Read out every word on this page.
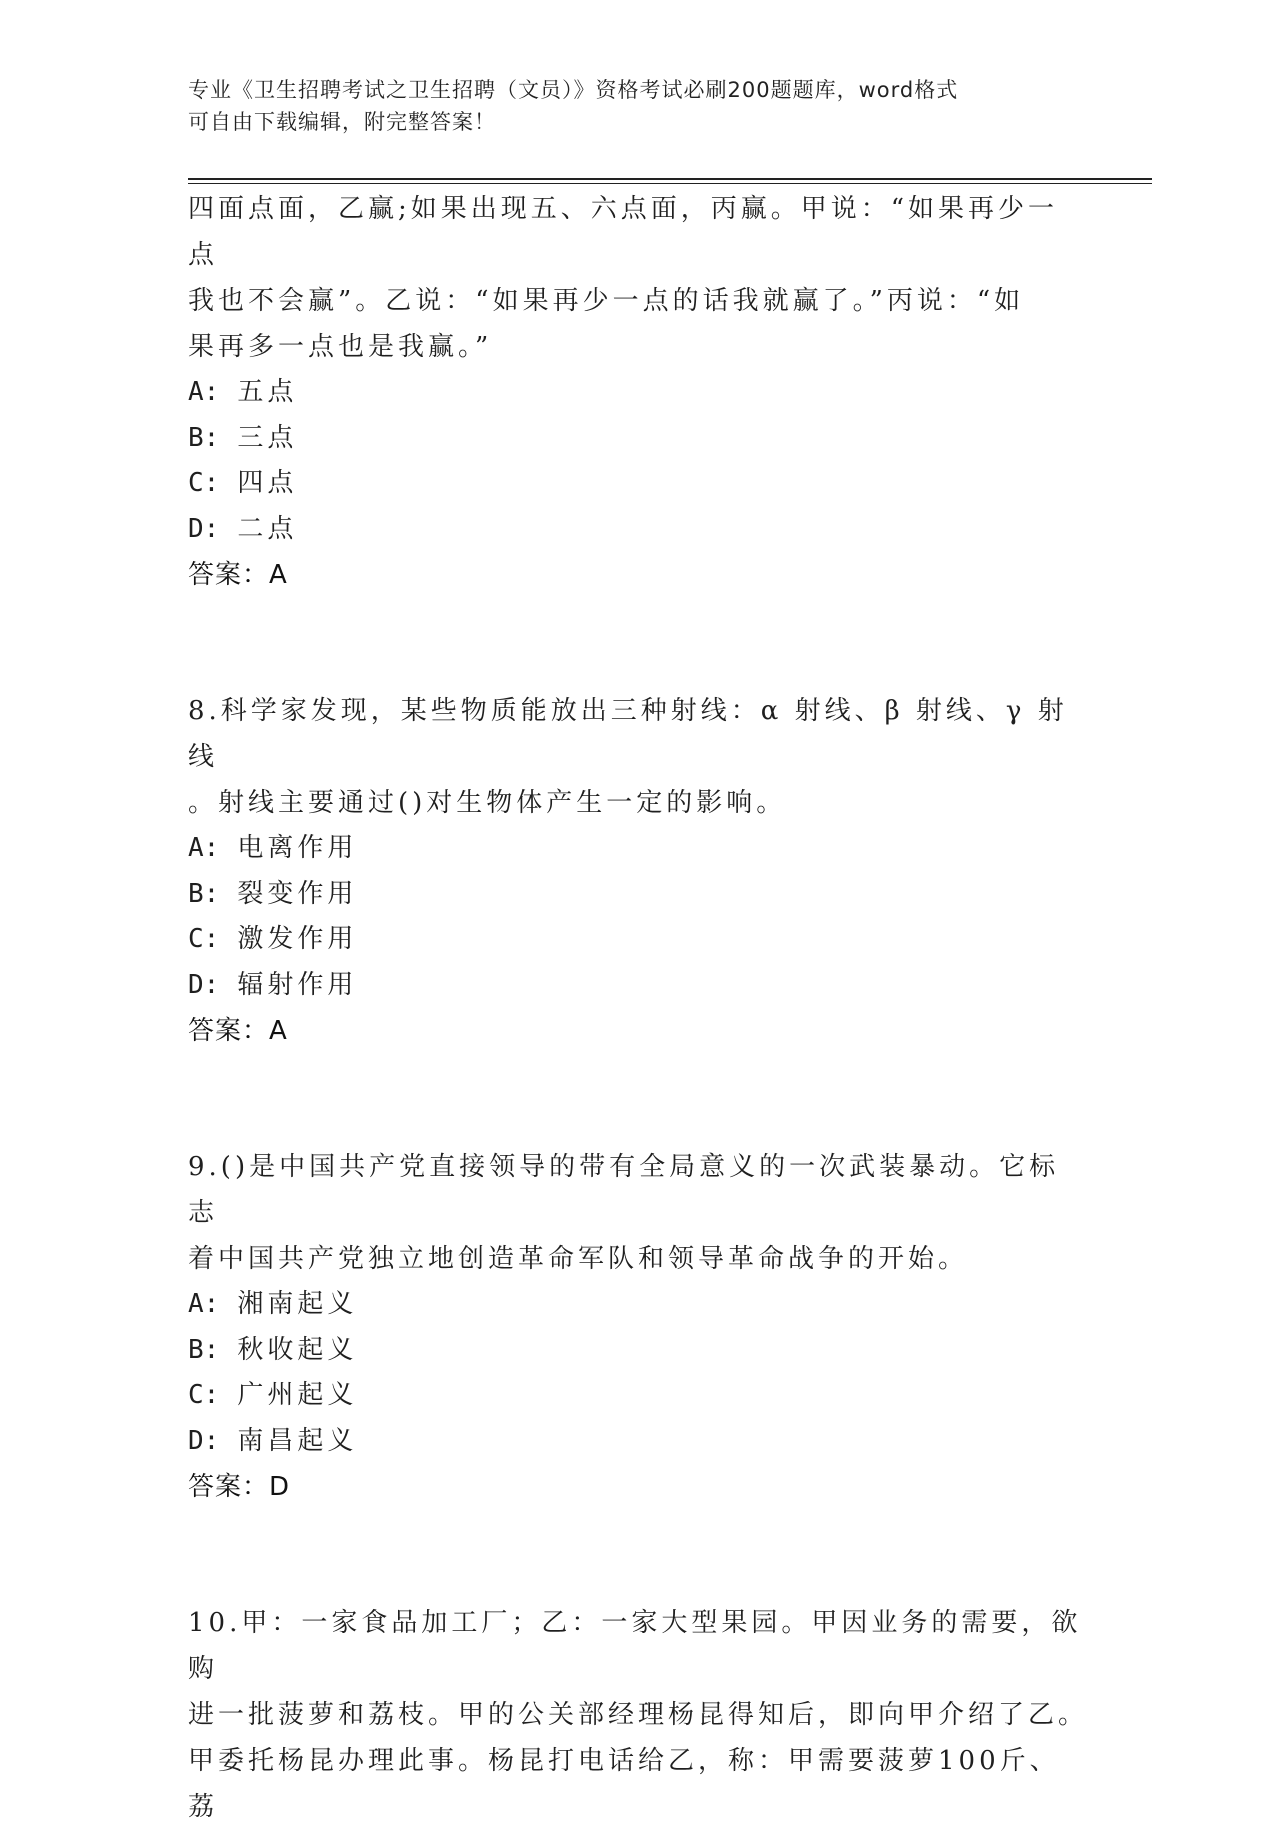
专业《卫生招聘考试之卫生招聘（文员）》资格考试必刷200题题库，word格式
可自由下载编辑，附完整答案！

四面点面，乙赢;如果出现五、六点面，丙赢。甲说：“如果再少一点

我也不会赢”。乙说：“如果再少一点的话我就赢了。”丙说：“如

果再多一点也是我赢。”

A: 五点

B: 三点

C: 四点

D: 二点

答案：A

8.科学家发现，某些物质能放出三种射线：α 射线、β 射线、γ 射线

。射线主要通过()对生物体产生一定的影响。

A: 电离作用

B: 裂变作用

C: 激发作用

D: 辐射作用

答案：A

9.()是中国共产党直接领导的带有全局意义的一次武装暴动。它标志

着中国共产党独立地创造革命军队和领导革命战争的开始。

A: 湘南起义

B: 秋收起义

C: 广州起义

D: 南昌起义

答案：D

10.甲：一家食品加工厂；乙：一家大型果园。甲因业务的需要，欲购

进一批菠萝和荔枝。甲的公关部经理杨昆得知后，即向甲介绍了乙。

甲委托杨昆办理此事。杨昆打电话给乙，称：甲需要菠萝100斤、荔
